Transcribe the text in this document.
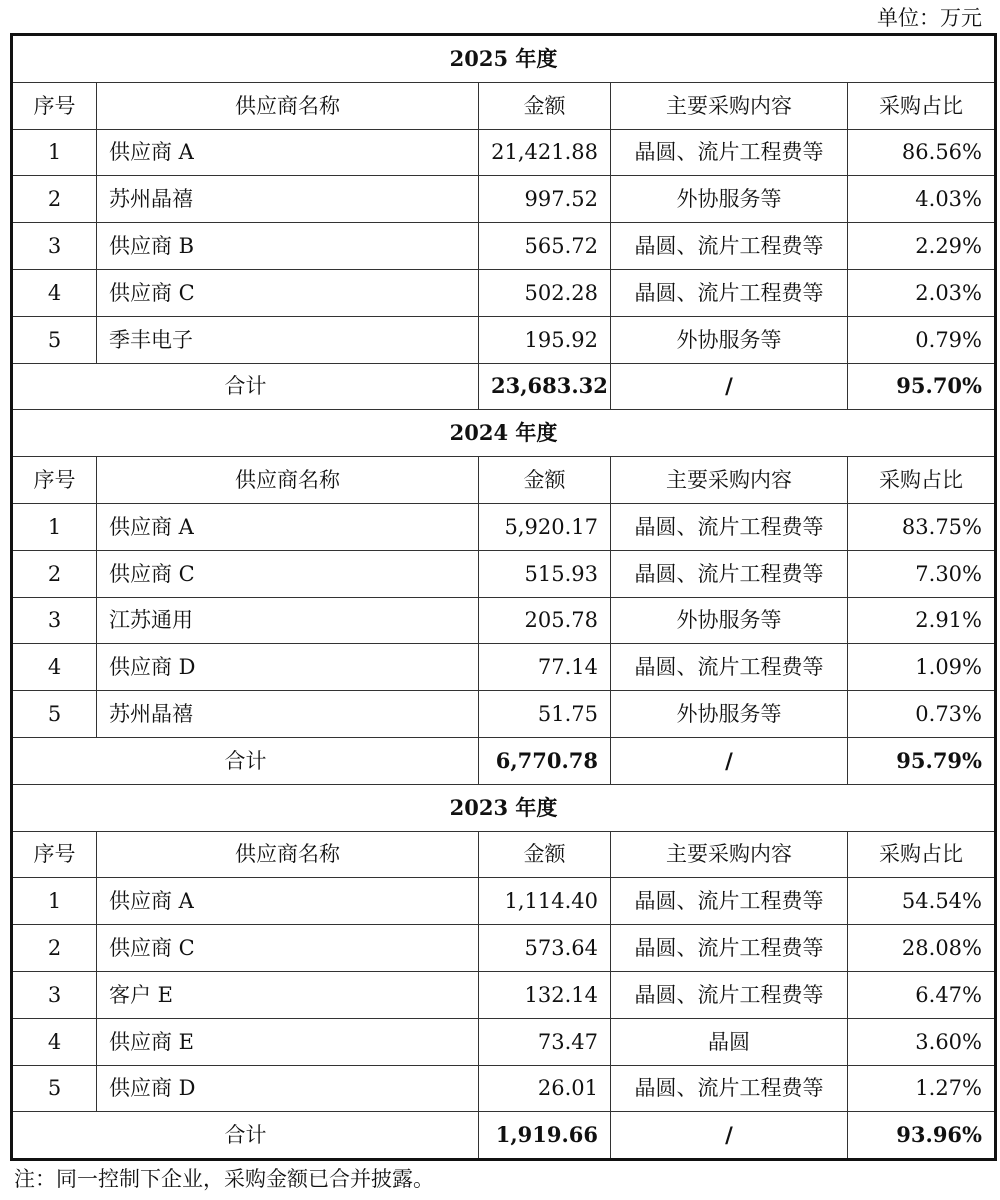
单位：万元
2025 年度				
序号	供应商名称	金额	主要采购内容	采购占比
1	供应商 A	21,421.88	晶圆、流片工程费等	86.56%
2	苏州晶禧	997.52	外协服务等	4.03%
3	供应商 B	565.72	晶圆、流片工程费等	2.29%
4	供应商 C	502.28	晶圆、流片工程费等	2.03%
5	季丰电子	195.92	外协服务等	0.79%
合计		23,683.32	/	95.70%
2024 年度				
序号	供应商名称	金额	主要采购内容	采购占比
1	供应商 A	5,920.17	晶圆、流片工程费等	83.75%
2	供应商 C	515.93	晶圆、流片工程费等	7.30%
3	江苏通用	205.78	外协服务等	2.91%
4	供应商 D	77.14	晶圆、流片工程费等	1.09%
5	苏州晶禧	51.75	外协服务等	0.73%
合计		6,770.78	/	95.79%
2023 年度				
序号	供应商名称	金额	主要采购内容	采购占比
1	供应商 A	1,114.40	晶圆、流片工程费等	54.54%
2	供应商 C	573.64	晶圆、流片工程费等	28.08%
3	客户 E	132.14	晶圆、流片工程费等	6.47%
4	供应商 E	73.47	晶圆	3.60%
5	供应商 D	26.01	晶圆、流片工程费等	1.27%
合计		1,919.66	/	93.96%
注：同一控制下企业，采购金额已合并披露。
